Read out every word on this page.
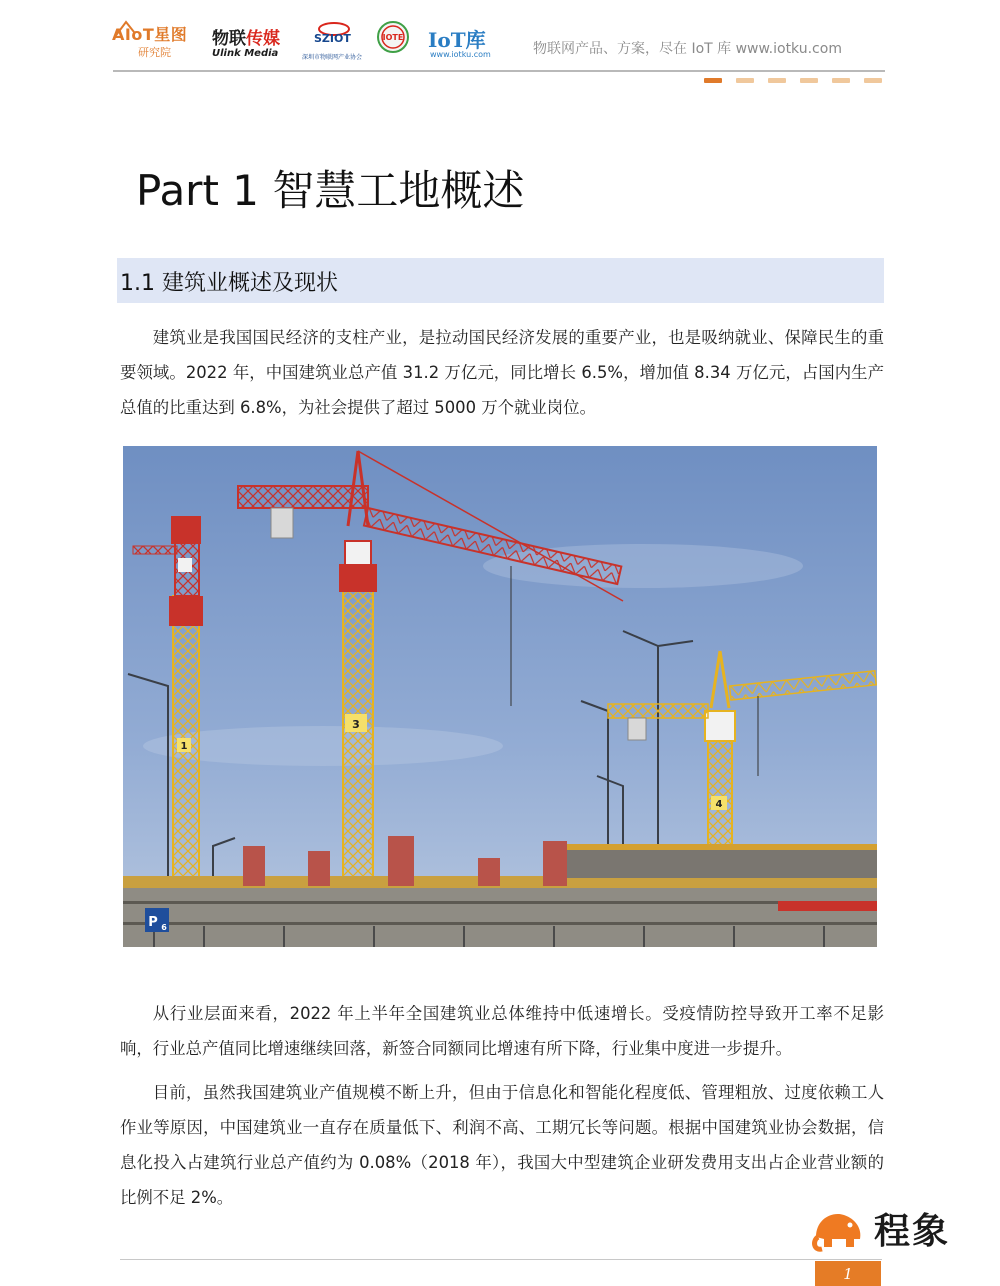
AIoT星图
研究院
物联传媒
Ulink Media
SZIOT
深圳市物联网产业协会
IOTE IoT库
www.iotku.com	物联网产品、方案，尽在 IoT 库 www.iotku.com
Part 1 智慧工地概述
1.1 建筑业概述及现状

建筑业是我国国民经济的支柱产业，是拉动国民经济发展的重要产业，也是吸纳就业、保障民生的重要领域。2022 年，中国建筑业总产值 31.2 万亿元，同比增长 6.5%，增加值 8.34 万亿元，占国内生产总值的比重达到 6.8%，为社会提供了超过 5000 万个就业岗位。

1
3
4
P 6

从行业层面来看，2022 年上半年全国建筑业总体维持中低速增长。受疫情防控导致开工率不足影响，行业总产值同比增速继续回落，新签合同额同比增速有所下降，行业集中度进一步提升。

目前，虽然我国建筑业产值规模不断上升，但由于信息化和智能化程度低、管理粗放、过度依赖工人作业等原因，中国建筑业一直存在质量低下、利润不高、工期冗长等问题。根据中国建筑业协会数据，信息化投入占建筑行业总产值约为 0.08%（2018 年），我国大中型建筑企业研发费用支出占企业营业额的比例不足 2%。

程象
1
